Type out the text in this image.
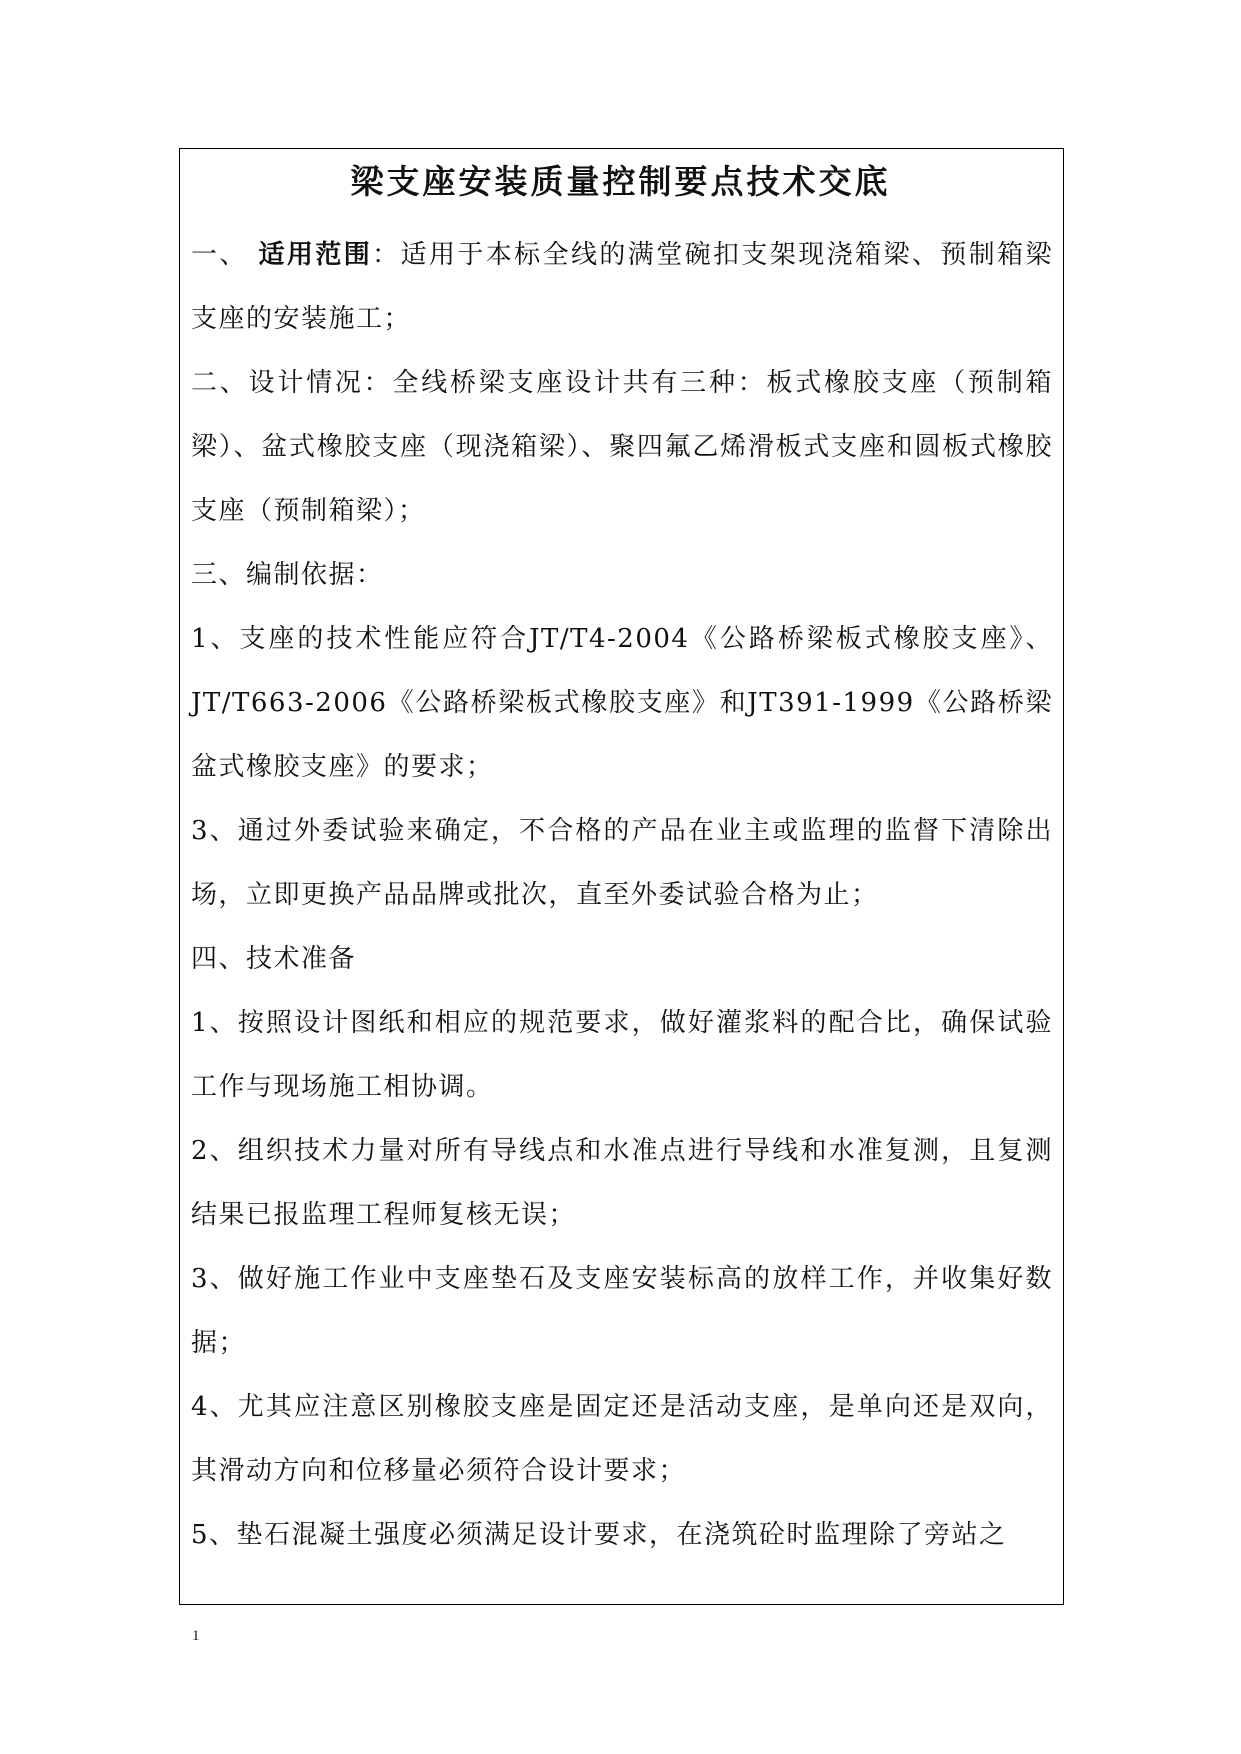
梁支座安装质量控制要点技术交底

一、 适用范围：适用于本标全线的满堂碗扣支架现浇箱梁、预制箱梁支座的安装施工；

二、设计情况：全线桥梁支座设计共有三种：板式橡胶支座（预制箱梁）、盆式橡胶支座（现浇箱梁）、聚四氟乙烯滑板式支座和圆板式橡胶支座（预制箱梁）；

三、编制依据：

1、支座的技术性能应符合JT/T4-2004《公路桥梁板式橡胶支座》、JT/T663-2006《公路桥梁板式橡胶支座》和JT391-1999《公路桥梁盆式橡胶支座》的要求；

3、通过外委试验来确定，不合格的产品在业主或监理的监督下清除出场，立即更换产品品牌或批次，直至外委试验合格为止；

四、技术准备

1、按照设计图纸和相应的规范要求，做好灌浆料的配合比，确保试验工作与现场施工相协调。

2、组织技术力量对所有导线点和水准点进行导线和水准复测，且复测结果已报监理工程师复核无误；

3、做好施工作业中支座垫石及支座安装标高的放样工作，并收集好数据；

4、尤其应注意区别橡胶支座是固定还是活动支座，是单向还是双向，其滑动方向和位移量必须符合设计要求；

5、垫石混凝土强度必须满足设计要求，在浇筑砼时监理除了旁站之

1
